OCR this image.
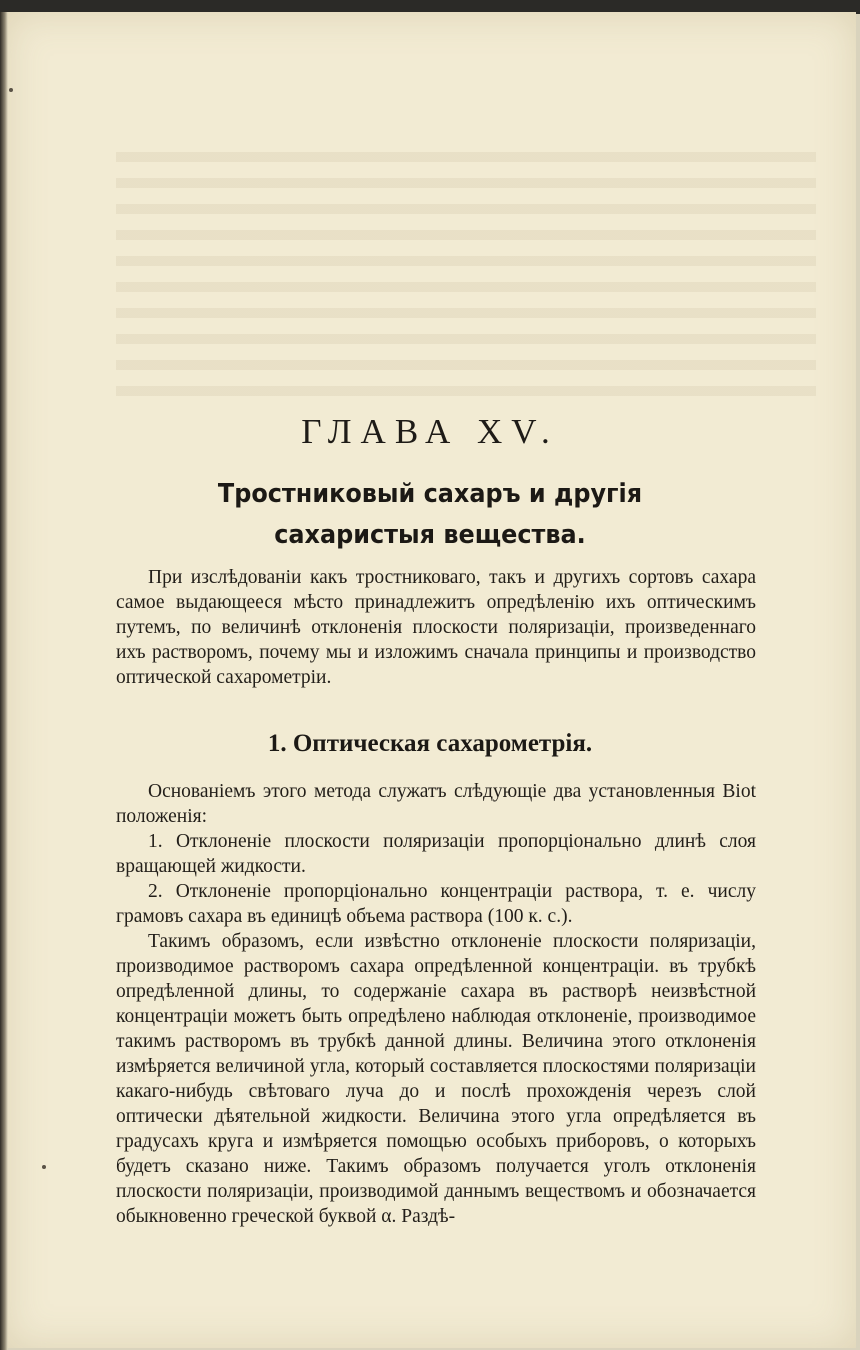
ГЛАВА XV.
Тростниковый сахаръ и другія сахаристыя вещества.

При изслѣдованіи какъ тростниковаго, такъ и другихъ сортовъ сахара самое выдающееся мѣсто принадлежитъ опредѣленію ихъ оптическимъ путемъ, по величинѣ отклоненія плоскости поляризаціи, произведеннаго ихъ растворомъ, почему мы и изложимъ сначала принципы и производство оптической сахарометріи.

1. Оптическая сахарометрія.

Основаніемъ этого метода служатъ слѣдующіе два установленныя Biot положенія:

1. Отклоненіе плоскости поляризаціи пропорціонально длинѣ слоя вращающей жидкости.

2. Отклоненіе пропорціонально концентраціи раствора, т. е. числу грамовъ сахара въ единицѣ объема раствора (100 к. с.).

Такимъ образомъ, если извѣстно отклоненіе плоскости поляризаціи, производимое растворомъ сахара опредѣленной концентраціи. въ трубкѣ опредѣленной длины, то содержаніе сахара въ растворѣ неизвѣстной концентраціи можетъ быть опредѣлено наблюдая отклоненіе, производимое такимъ растворомъ въ трубкѣ данной длины. Величина этого отклоненія измѣряется величиной угла, который составляется плоскостями поляризаціи какаго-нибудь свѣтоваго луча до и послѣ прохожденія черезъ слой оптически дѣятельной жидкости. Величина этого угла опредѣляется въ градусахъ круга и измѣряется помощью особыхъ приборовъ, о которыхъ будетъ сказано ниже. Такимъ образомъ получается уголъ отклоненія плоскости поляризаціи, производимой даннымъ веществомъ и обозначается обыкновенно греческой буквой α. Раздѣ-
